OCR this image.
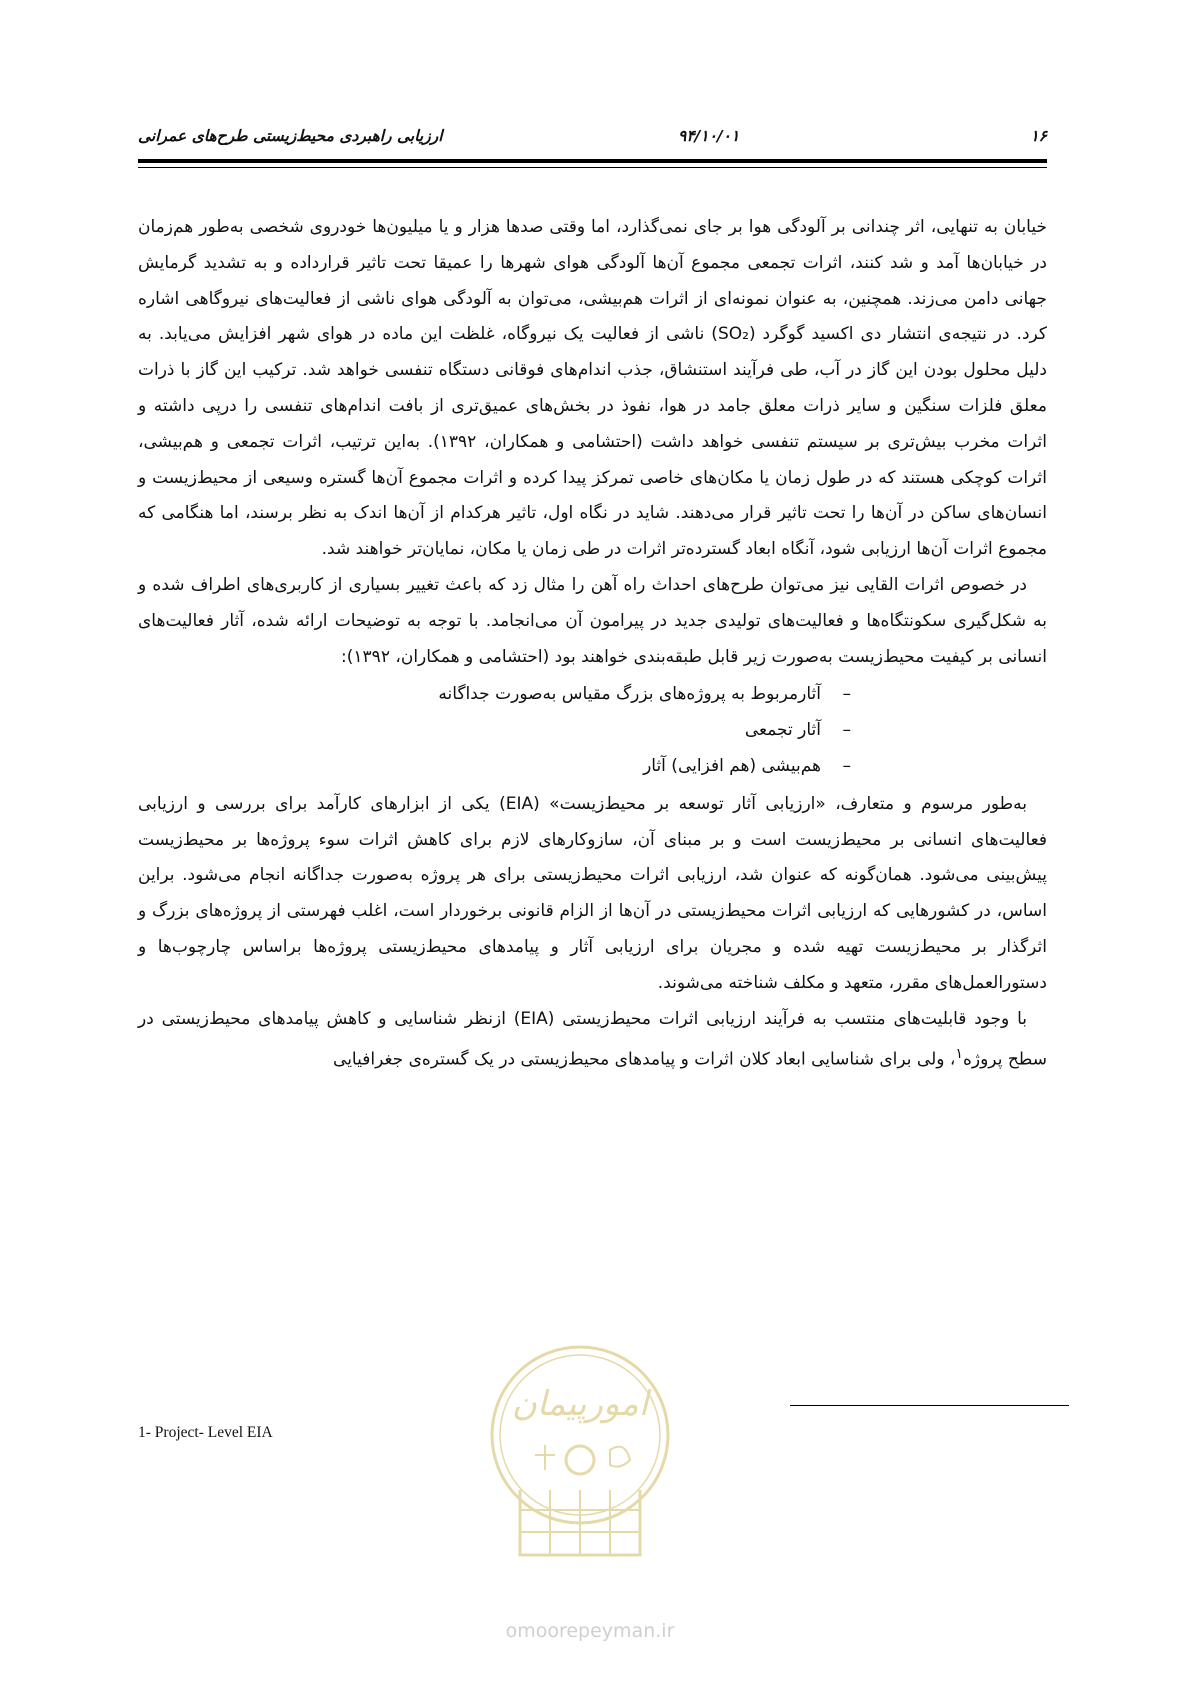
۱۶
۹۴/۱۰/۰۱
ارزیابی راهبردی محیط‌زیستی طرح‌های عمرانی

خیابان به تنهایی، اثر چندانی بر آلودگی هوا بر جای نمی‌گذارد، اما وقتی صدها هزار و یا میلیون‌ها خودروی شخصی به‌طور هم‌زمان در خیابان‌ها آمد و شد کنند، اثرات تجمعی مجموع آن‌ها آلودگی هوای شهرها را عمیقا تحت تاثیر قرارداده و به تشدید گرمایش جهانی دامن می‌زند. همچنین، به عنوان نمونه‌ای از اثرات هم‌بیشی، می‌توان به آلودگی هوای ناشی از فعالیت‌های نیروگاهی اشاره کرد. در نتیجه‌ی انتشار دی اکسید گوگرد (SO₂) ناشی از فعالیت یک نیروگاه، غلظت این ماده در هوای شهر افزایش می‌یابد. به دلیل محلول بودن این گاز در آب، طی فرآیند استنشاق، جذب اندام‌های فوقانی دستگاه تنفسی خواهد شد. ترکیب این گاز با ذرات معلق فلزات سنگین و سایر ذرات معلق جامد در هوا، نفوذ در بخش‌های عمیق‌تری از بافت اندام‌های تنفسی را درپی داشته و اثرات مخرب بیش‌تری بر سیستم تنفسی خواهد داشت (احتشامی و همکاران، ۱۳۹۲). به‌این ترتیب، اثرات تجمعی و هم‌بیشی، اثرات کوچکی هستند که در طول زمان یا مکان‌های خاصی تمرکز پیدا کرده و اثرات مجموع آن‌ها گستره وسیعی از محیط‌زیست و انسان‌های ساکن در آن‌ها را تحت تاثیر قرار می‌دهند. شاید در نگاه اول، تاثیر هرکدام از آن‌ها اندک به نظر برسند، اما هنگامی که مجموع اثرات آن‌ها ارزیابی شود، آنگاه ابعاد گسترده‌تر اثرات در طی زمان یا مکان، نمایان‌تر خواهند شد.

در خصوص اثرات القایی نیز می‌توان طرح‌های احداث راه آهن را مثال زد که باعث تغییر بسیاری از کاربری‌های اطراف شده و به شکل‌گیری سکونتگاه‌ها و فعالیت‌های تولیدی جدید در پیرامون آن می‌انجامد. با توجه به توضیحات ارائه شده، آثار فعالیت‌های انسانی بر کیفیت محیط‌زیست به‌صورت زیر قابل طبقه‌بندی خواهند بود (احتشامی و همکاران، ۱۳۹۲):

– آثارمربوط به پروژه‌های بزرگ مقیاس به‌صورت جداگانه
– آثار تجمعی
– هم‌بیشی (هم افزایی) آثار

به‌طور مرسوم و متعارف، «ارزیابی آثار توسعه بر محیط‌زیست» (EIA) یکی از ابزارهای کارآمد برای بررسی و ارزیابی فعالیت‌های انسانی بر محیط‌زیست است و بر مبنای آن، سازوکارهای لازم برای کاهش اثرات سوء پروژه‌ها بر محیط‌زیست پیش‌بینی می‌شود. همان‌گونه که عنوان شد، ارزیابی اثرات محیط‌زیستی برای هر پروژه به‌صورت جداگانه انجام می‌شود. براین اساس، در کشورهایی که ارزیابی اثرات محیط‌زیستی در آن‌ها از الزام قانونی برخوردار است، اغلب فهرستی از پروژه‌های بزرگ و اثرگذار بر محیط‌زیست تهیه شده و مجریان برای ارزیابی آثار و پیامدهای محیط‌زیستی پروژه‌ها براساس چارچوب‌ها و دستورالعمل‌های مقرر، متعهد و مکلف شناخته می‌شوند.

با وجود قابلیت‌های منتسب به فرآیند ارزیابی اثرات محیط‌زیستی (EIA) ازنظر شناسایی و کاهش پیامدهای محیط‌زیستی در سطح پروژه$^۱$، ولی برای شناسایی ابعاد کلان اثرات و پیامدهای محیط‌زیستی در یک گستره‌ی جغرافیایی

1- Project- Level EIA
امورپیمان
omoorepeyman.ir
